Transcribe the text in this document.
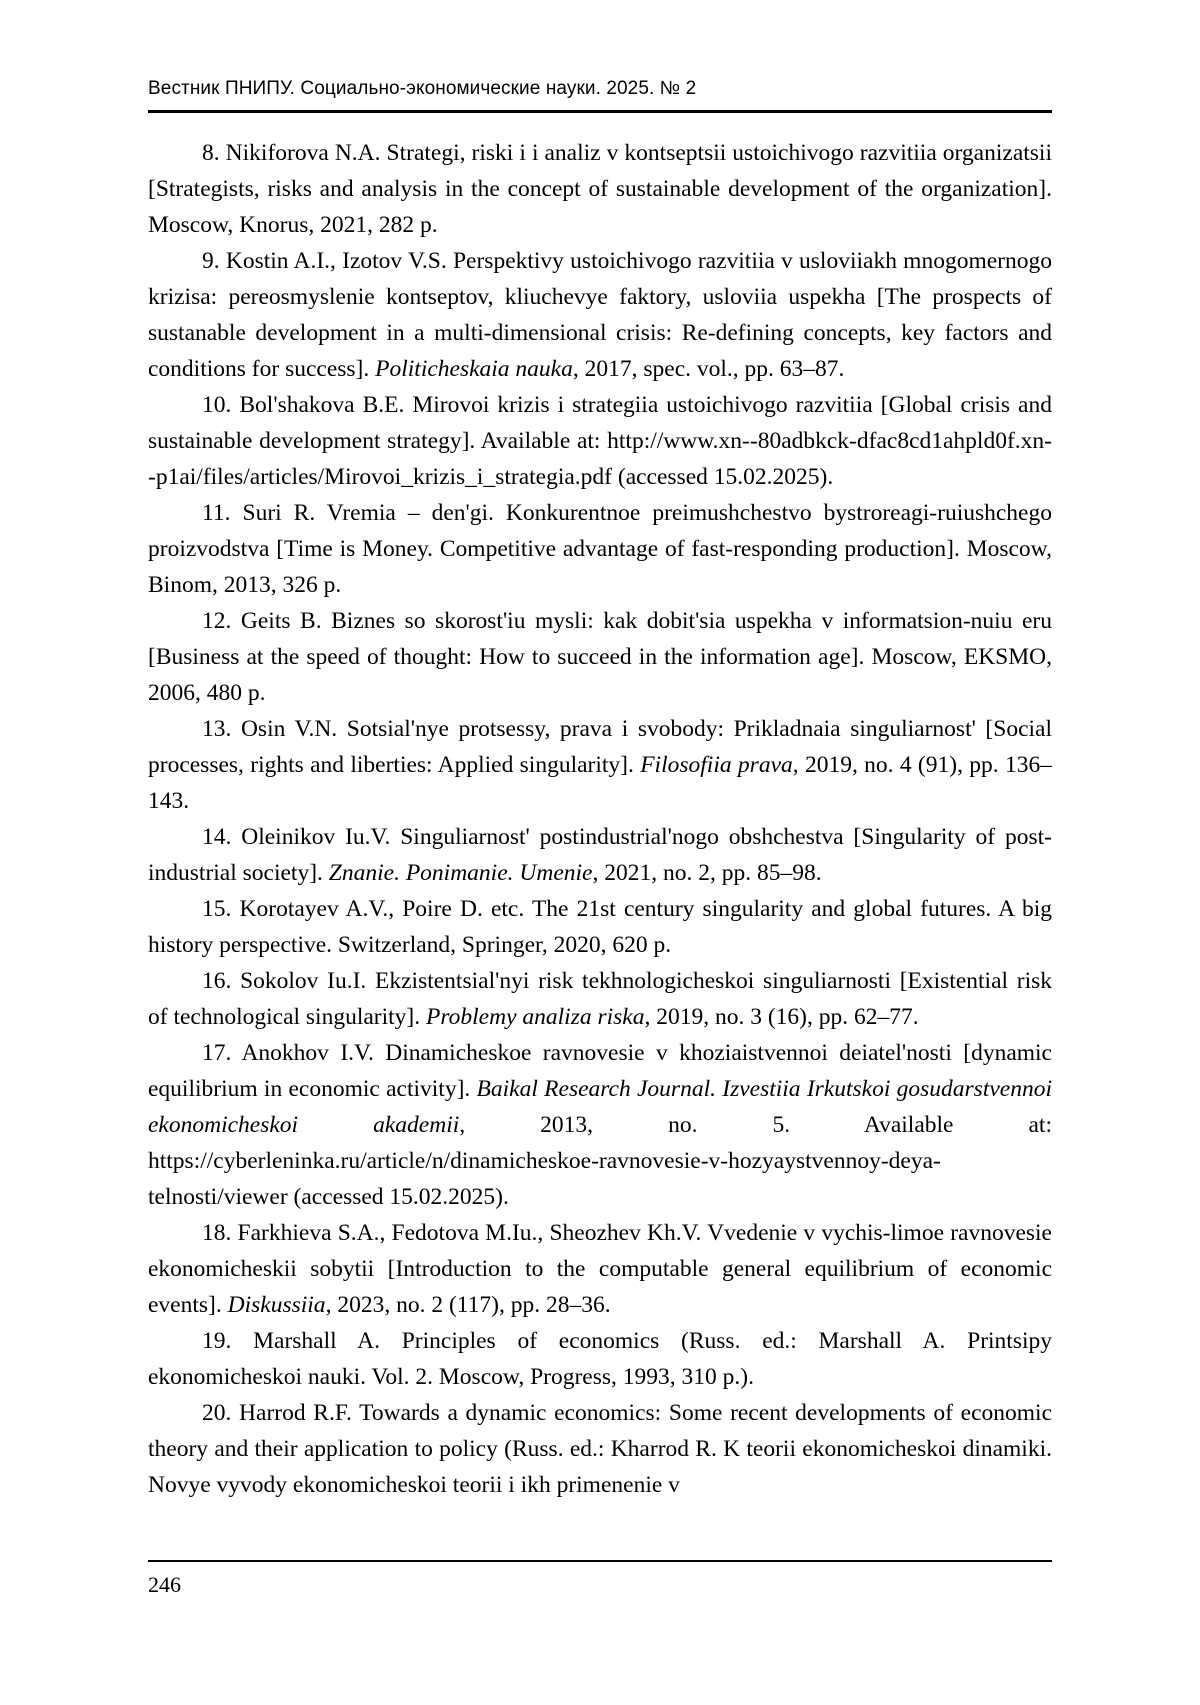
Вестник ПНИПУ. Социально-экономические науки. 2025. № 2

8. Nikiforova N.A. Strategi, riski i i analiz v kontseptsii ustoichivogo razvitiia organizatsii [Strategists, risks and analysis in the concept of sustainable development of the organization]. Moscow, Knorus, 2021, 282 p.

9. Kostin A.I., Izotov V.S. Perspektivy ustoichivogo razvitiia v usloviiakh mnogomernogo krizisa: pereosmyslenie kontseptov, kliuchevye faktory, usloviia uspekha [The prospects of sustanable development in a multi-dimensional crisis: Re-defining concepts, key factors and conditions for success]. Politicheskaia nauka, 2017, spec. vol., pp. 63–87.

10. Bol'shakova B.E. Mirovoi krizis i strategiia ustoichivogo razvitiia [Global crisis and sustainable development strategy]. Available at: http://www.xn--80adbkck-dfac8cd1ahpld0f.xn--p1ai/files/articles/Mirovoi_krizis_i_strategia.pdf (accessed 15.02.2025).

11. Suri R. Vremia – den'gi. Konkurentnoe preimushchestvo bystroreagi-ruiushchego proizvodstva [Time is Money. Competitive advantage of fast-responding production]. Moscow, Binom, 2013, 326 p.

12. Geits B. Biznes so skorost'iu mysli: kak dobit'sia uspekha v informatsion-nuiu eru [Business at the speed of thought: How to succeed in the information age]. Moscow, EKSMO, 2006, 480 p.

13. Osin V.N. Sotsial'nye protsessy, prava i svobody: Prikladnaia singuliarnost' [Social processes, rights and liberties: Applied singularity]. Filosofiia prava, 2019, no. 4 (91), pp. 136–143.

14. Oleinikov Iu.V. Singuliarnost' postindustrial'nogo obshchestva [Singularity of post-industrial society]. Znanie. Ponimanie. Umenie, 2021, no. 2, pp. 85–98.

15. Korotayev A.V., Poire D. etc. The 21st century singularity and global futures. A big history perspective. Switzerland, Springer, 2020, 620 p.

16. Sokolov Iu.I. Ekzistentsial'nyi risk tekhnologicheskoi singuliarnosti [Existential risk of technological singularity]. Problemy analiza riska, 2019, no. 3 (16), pp. 62–77.

17. Anokhov I.V. Dinamicheskoe ravnovesie v khoziaistvennoi deiatel'nosti [dynamic equilibrium in economic activity]. Baikal Research Journal. Izvestiia Irkutskoi gosudarstvennoi ekonomicheskoi akademii, 2013, no. 5. Available at: https://cyberleninka.ru/article/n/dinamicheskoe-ravnovesie-v-hozyaystvennoy-deya-telnosti/viewer (accessed 15.02.2025).

18. Farkhieva S.A., Fedotova M.Iu., Sheozhev Kh.V. Vvedenie v vychis-limoe ravnovesie ekonomicheskii sobytii [Introduction to the computable general equilibrium of economic events]. Diskussiia, 2023, no. 2 (117), pp. 28–36.

19. Marshall A. Principles of economics (Russ. ed.: Marshall A. Printsipy ekonomicheskoi nauki. Vol. 2. Moscow, Progress, 1993, 310 p.).

20. Harrod R.F. Towards a dynamic economics: Some recent developments of economic theory and their application to policy (Russ. ed.: Kharrod R. K teorii ekonomicheskoi dinamiki. Novye vyvody ekonomicheskoi teorii i ikh primenenie v

246
